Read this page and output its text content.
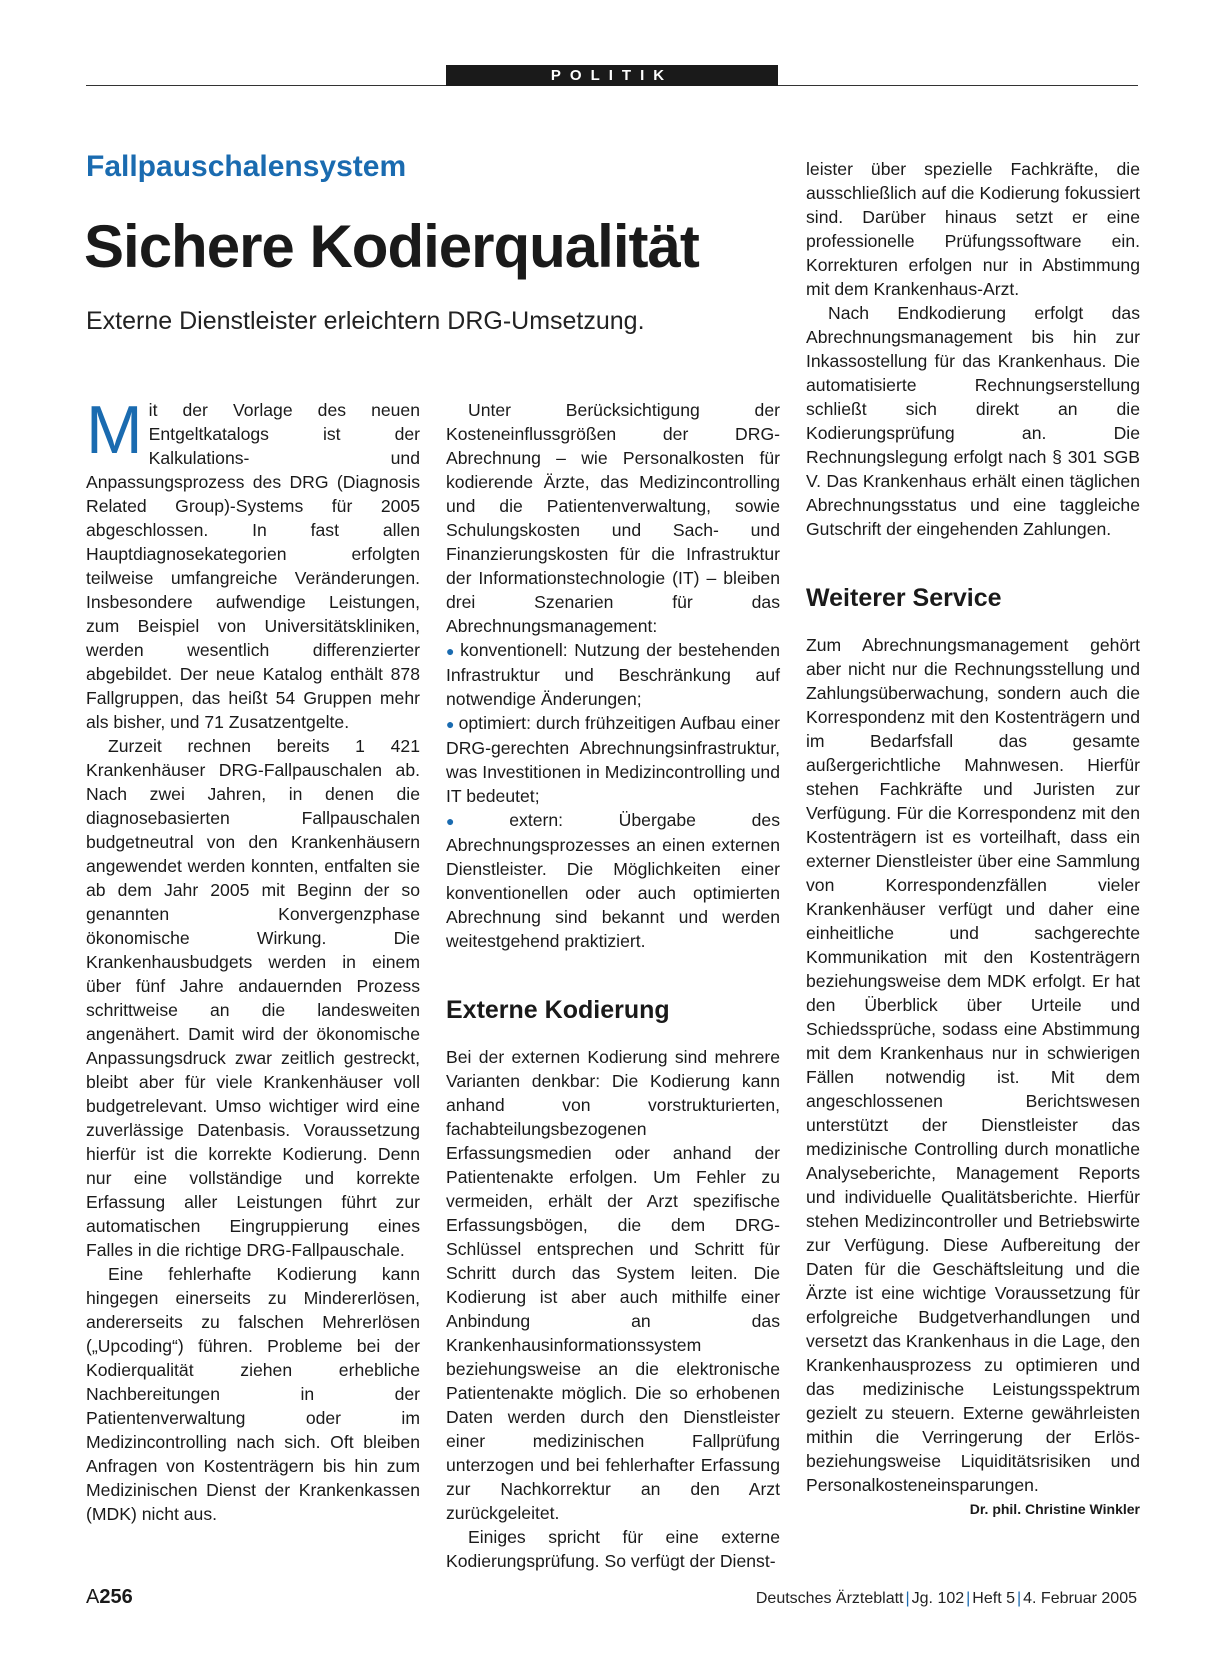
POLITIK
Fallpauschalensystem
Sichere Kodierqualität

Externe Dienstleister erleichtern DRG-Umsetzung.

Mit der Vorlage des neuen Entgeltkatalogs ist der Kalkulations- und Anpassungsprozess des DRG (Diagnosis Related Group)-Systems für 2005 abgeschlossen. In fast allen Hauptdiagnosekategorien erfolgten teilweise umfangreiche Veränderungen. Insbesondere aufwendige Leistungen, zum Beispiel von Universitätskliniken, werden wesentlich differenzierter abgebildet. Der neue Katalog enthält 878 Fallgruppen, das heißt 54 Gruppen mehr als bisher, und 71 Zusatzentgelte.

Zurzeit rechnen bereits 1 421 Krankenhäuser DRG-Fallpauschalen ab. Nach zwei Jahren, in denen die diagnosebasierten Fallpauschalen budgetneutral von den Krankenhäusern angewendet werden konnten, entfalten sie ab dem Jahr 2005 mit Beginn der so genannten Konvergenzphase ökonomische Wirkung. Die Krankenhausbudgets werden in einem über fünf Jahre andauernden Prozess schrittweise an die landesweiten angenähert. Damit wird der ökonomische Anpassungsdruck zwar zeitlich gestreckt, bleibt aber für viele Krankenhäuser voll budgetrelevant. Umso wichtiger wird eine zuverlässige Datenbasis. Voraussetzung hierfür ist die korrekte Kodierung. Denn nur eine vollständige und korrekte Erfassung aller Leistungen führt zur automatischen Eingruppierung eines Falles in die richtige DRG-Fallpauschale.

Eine fehlerhafte Kodierung kann hingegen einerseits zu Mindererlösen, andererseits zu falschen Mehrerlösen („Upcoding“) führen. Probleme bei der Kodierqualität ziehen erhebliche Nachbereitungen in der Patientenverwaltung oder im Medizincontrolling nach sich. Oft bleiben Anfragen von Kostenträgern bis hin zum Medizinischen Dienst der Krankenkassen (MDK) nicht aus.

Unter Berücksichtigung der Kosteneinflussgrößen der DRG-Abrechnung – wie Personalkosten für kodierende Ärzte, das Medizincontrolling und die Patientenverwaltung, sowie Schulungskosten und Sach- und Finanzierungskosten für die Infrastruktur der Informationstechnologie (IT) – bleiben drei Szenarien für das Abrechnungsmanagement:

● konventionell: Nutzung der bestehenden Infrastruktur und Beschränkung auf notwendige Änderungen;
● optimiert: durch frühzeitigen Aufbau einer DRG-gerechten Abrechnungsinfrastruktur, was Investitionen in Medizincontrolling und IT bedeutet;
● extern: Übergabe des Abrechnungsprozesses an einen externen Dienstleister. Die Möglichkeiten einer konventionellen oder auch optimierten Abrechnung sind bekannt und werden weitestgehend praktiziert.
Externe Kodierung

Bei der externen Kodierung sind mehrere Varianten denkbar: Die Kodierung kann anhand von vorstrukturierten, fachabteilungsbezogenen Erfassungsmedien oder anhand der Patientenakte erfolgen. Um Fehler zu vermeiden, erhält der Arzt spezifische Erfassungsbögen, die dem DRG-Schlüssel entsprechen und Schritt für Schritt durch das System leiten. Die Kodierung ist aber auch mithilfe einer Anbindung an das Krankenhausinformationssystem beziehungsweise an die elektronische Patientenakte möglich. Die so erhobenen Daten werden durch den Dienstleister einer medizinischen Fallprüfung unterzogen und bei fehlerhafter Erfassung zur Nachkorrektur an den Arzt zurückgeleitet.

Einiges spricht für eine externe Kodierungsprüfung. So verfügt der Dienst-

leister über spezielle Fachkräfte, die ausschließlich auf die Kodierung fokussiert sind. Darüber hinaus setzt er eine professionelle Prüfungssoftware ein. Korrekturen erfolgen nur in Abstimmung mit dem Krankenhaus-Arzt.

Nach Endkodierung erfolgt das Abrechnungsmanagement bis hin zur Inkassostellung für das Krankenhaus. Die automatisierte Rechnungserstellung schließt sich direkt an die Kodierungsprüfung an. Die Rechnungslegung erfolgt nach § 301 SGB V. Das Krankenhaus erhält einen täglichen Abrechnungsstatus und eine taggleiche Gutschrift der eingehenden Zahlungen.

Weiterer Service

Zum Abrechnungsmanagement gehört aber nicht nur die Rechnungsstellung und Zahlungsüberwachung, sondern auch die Korrespondenz mit den Kostenträgern und im Bedarfsfall das gesamte außergerichtliche Mahnwesen. Hierfür stehen Fachkräfte und Juristen zur Verfügung. Für die Korrespondenz mit den Kostenträgern ist es vorteilhaft, dass ein externer Dienstleister über eine Sammlung von Korrespondenzfällen vieler Krankenhäuser verfügt und daher eine einheitliche und sachgerechte Kommunikation mit den Kostenträgern beziehungsweise dem MDK erfolgt. Er hat den Überblick über Urteile und Schiedssprüche, sodass eine Abstimmung mit dem Krankenhaus nur in schwierigen Fällen notwendig ist. Mit dem angeschlossenen Berichtswesen unterstützt der Dienstleister das medizinische Controlling durch monatliche Analyseberichte, Management Reports und individuelle Qualitätsberichte. Hierfür stehen Medizincontroller und Betriebswirte zur Verfügung. Diese Aufbereitung der Daten für die Geschäftsleitung und die Ärzte ist eine wichtige Voraussetzung für erfolgreiche Budgetverhandlungen und versetzt das Krankenhaus in die Lage, den Krankenhausprozess zu optimieren und das medizinische Leistungsspektrum gezielt zu steuern. Externe gewährleisten mithin die Verringerung der Erlös- beziehungsweise Liquiditätsrisiken und Personalkosteneinsparungen.
Dr. phil. Christine Winkler

A256	Deutsches Ärzteblatt | Jg. 102 | Heft 5 | 4. Februar 2005
